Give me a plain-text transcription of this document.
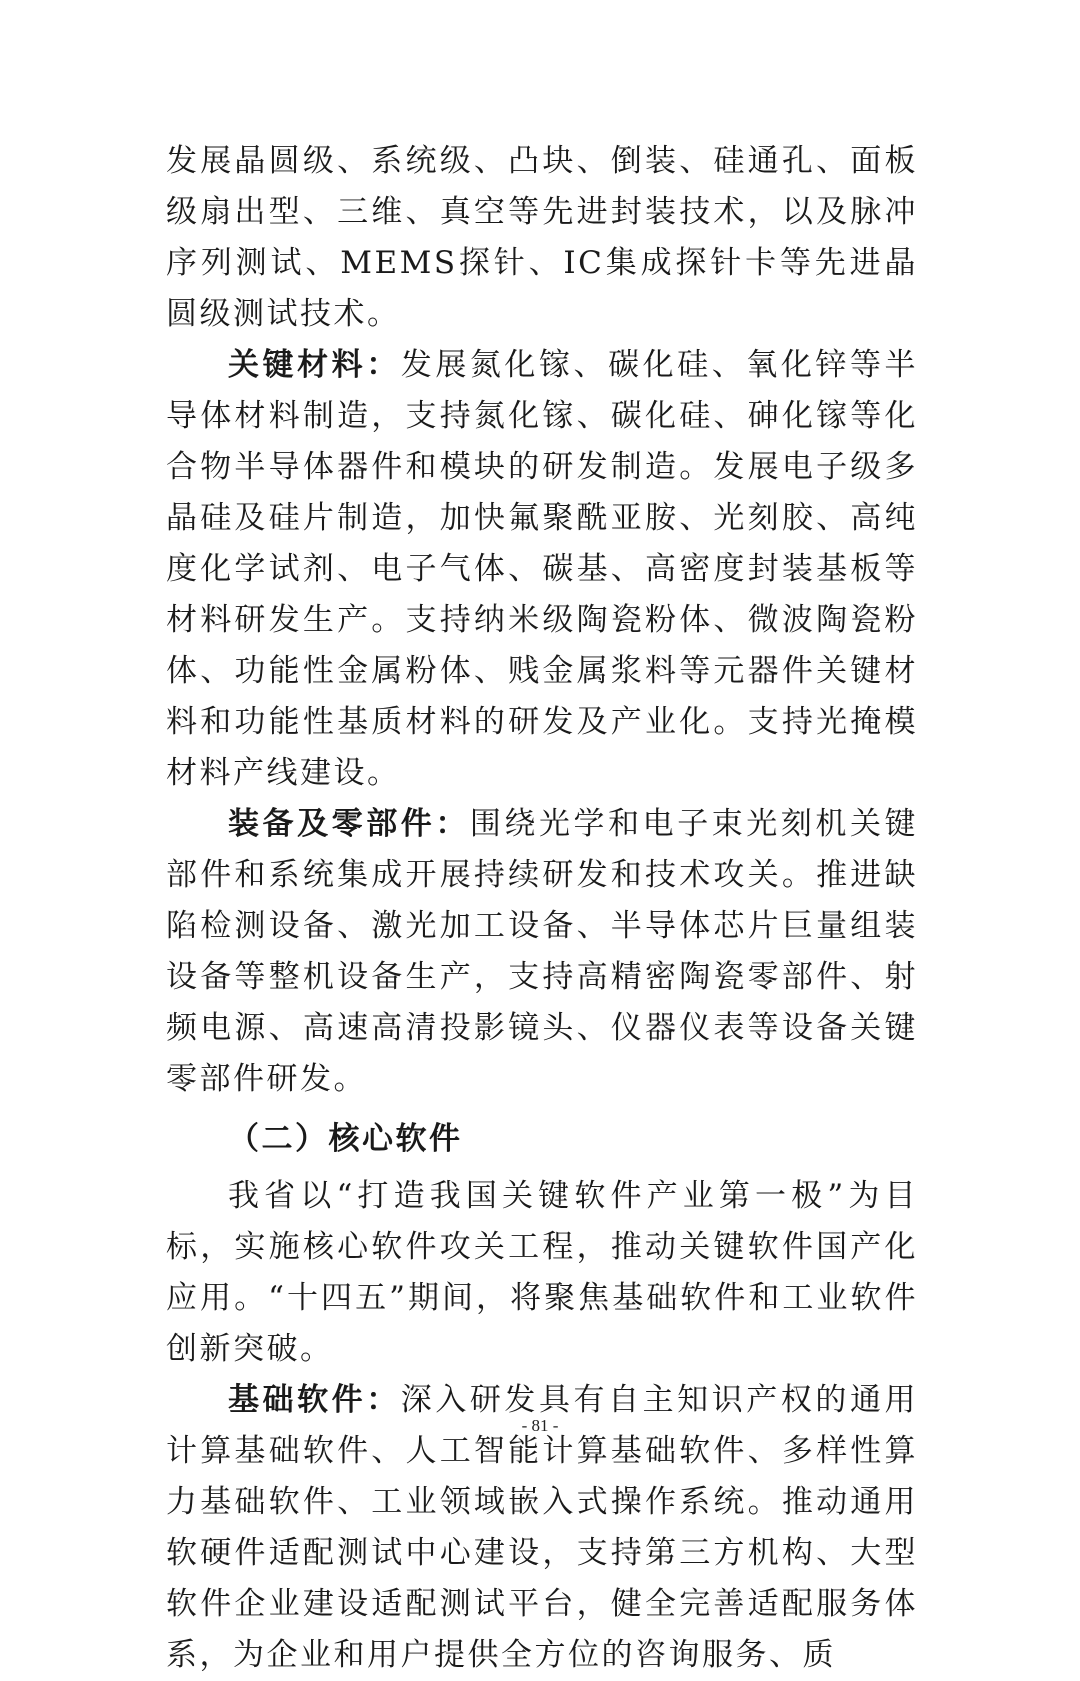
发展晶圆级、系统级、凸块、倒装、硅通孔、面板级扇出型、三维、真空等先进封装技术，以及脉冲序列测试、MEMS探针、IC集成探针卡等先进晶圆级测试技术。

关键材料：发展氮化镓、碳化硅、氧化锌等半导体材料制造，支持氮化镓、碳化硅、砷化镓等化合物半导体器件和模块的研发制造。发展电子级多晶硅及硅片制造，加快氟聚酰亚胺、光刻胶、高纯度化学试剂、电子气体、碳基、高密度封装基板等材料研发生产。支持纳米级陶瓷粉体、微波陶瓷粉体、功能性金属粉体、贱金属浆料等元器件关键材料和功能性基质材料的研发及产业化。支持光掩模材料产线建设。

装备及零部件：围绕光学和电子束光刻机关键部件和系统集成开展持续研发和技术攻关。推进缺陷检测设备、激光加工设备、半导体芯片巨量组装设备等整机设备生产，支持高精密陶瓷零部件、射频电源、高速高清投影镜头、仪器仪表等设备关键零部件研发。

（二）核心软件

我省以“打造我国关键软件产业第一极”为目标，实施核心软件攻关工程，推动关键软件国产化应用。“十四五”期间，将聚焦基础软件和工业软件创新突破。

基础软件：深入研发具有自主知识产权的通用计算基础软件、人工智能计算基础软件、多样性算力基础软件、工业领域嵌入式操作系统。推动通用软硬件适配测试中心建设，支持第三方机构、大型软件企业建设适配测试平台，健全完善适配服务体系，为企业和用户提供全方位的咨询服务、质

- 81 -
